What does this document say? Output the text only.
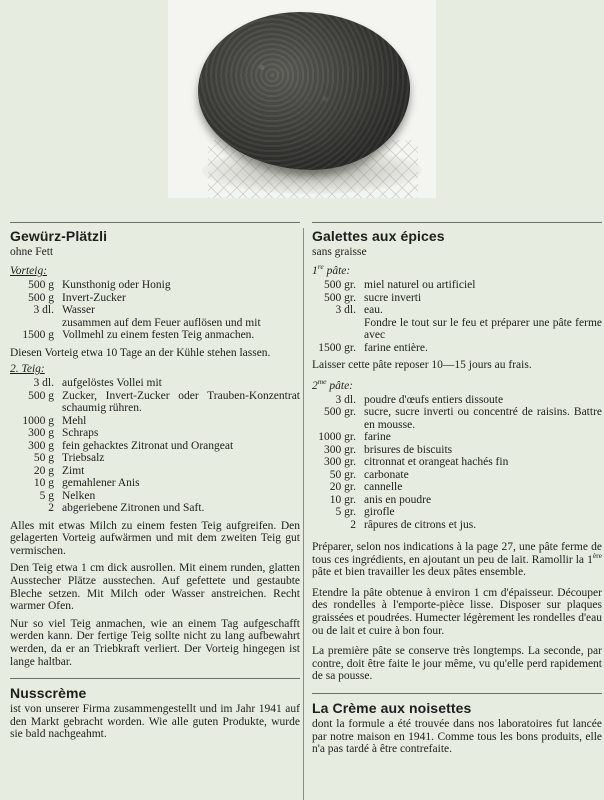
Gewürz-Plätzli
ohne Fett
Vorteig:
500 g	Kunsthonig oder Honig
500 g	Invert-Zucker
3 dl.	Wasser
	zusammen auf dem Feuer auflösen und mit
1500 g	Vollmehl zu einem festen Teig anmachen.

Diesen Vorteig etwa 10 Tage an der Kühle stehen lassen.

2. Teig:
3 dl.	aufgelöstes Vollei mit
500 g	Zucker, Invert-Zucker oder Trauben-Konzentrat schaumig rühren.
1000 g	Mehl
300 g	Schraps
300 g	fein gehacktes Zitronat und Orangeat
50 g	Triebsalz
20 g	Zimt
10 g	gemahlener Anis
5 g	Nelken
2	abgeriebene Zitronen und Saft.

Alles mit etwas Milch zu einem festen Teig aufgreifen. Den gelagerten Vorteig aufwärmen und mit dem zweiten Teig gut vermischen.

Den Teig etwa 1 cm dick ausrollen. Mit einem runden, glatten Ausstecher Plätze ausstechen. Auf gefettete und gestaubte Bleche setzen. Mit Milch oder Wasser anstreichen. Recht warmer Ofen.

Nur so viel Teig anmachen, wie an einem Tag aufgeschafft werden kann. Der fertige Teig sollte nicht zu lang aufbewahrt werden, da er an Triebkraft verliert. Der Vorteig hingegen ist lange haltbar.

Nusscrème

ist von unserer Firma zusammengestellt und im Jahr 1941 auf den Markt gebracht worden. Wie alle guten Produkte, wurde sie bald nachgeahmt.

Galettes aux épices
sans graisse
1re pâte:
500 gr.	miel naturel ou artificiel
500 gr.	sucre inverti
3 dl.	eau.
	Fondre le tout sur le feu et préparer une pâte ferme avec
1500 gr.	farine entière.

Laisser cette pâte reposer 10—15 jours au frais.

$2^{me}$ pâte:
3 dl.	poudre d'œufs entiers dissoute
500 gr.	sucre, sucre inverti ou concentré de raisins. Battre en mousse.
1000 gr.	farine
300 gr.	brisures de biscuits
300 gr.	citronnat et orangeat hachés fin
50 gr.	carbonate
20 gr.	cannelle
10 gr.	anis en poudre
5 gr.	girofle
2	râpures de citrons et jus.

Préparer, selon nos indications à la page 27, une pâte ferme de tous ces ingrédients, en ajoutant un peu de lait. Ramollir la 1ère pâte et bien travailler les deux pâtes ensemble.

Etendre la pâte obtenue à environ 1 cm d'épaisseur. Découper des rondelles à l'emporte-pièce lisse. Disposer sur plaques graissées et poudrées. Humecter légèrement les rondelles d'eau ou de lait et cuire à bon four.

La première pâte se conserve très longtemps. La seconde, par contre, doit être faite le jour même, vu qu'elle perd rapidement de sa pousse.

La Crème aux noisettes

dont la formule a été trouvée dans nos laboratoires fut lancée par notre maison en 1941. Comme tous les bons produits, elle n'a pas tardé à être contrefaite.
